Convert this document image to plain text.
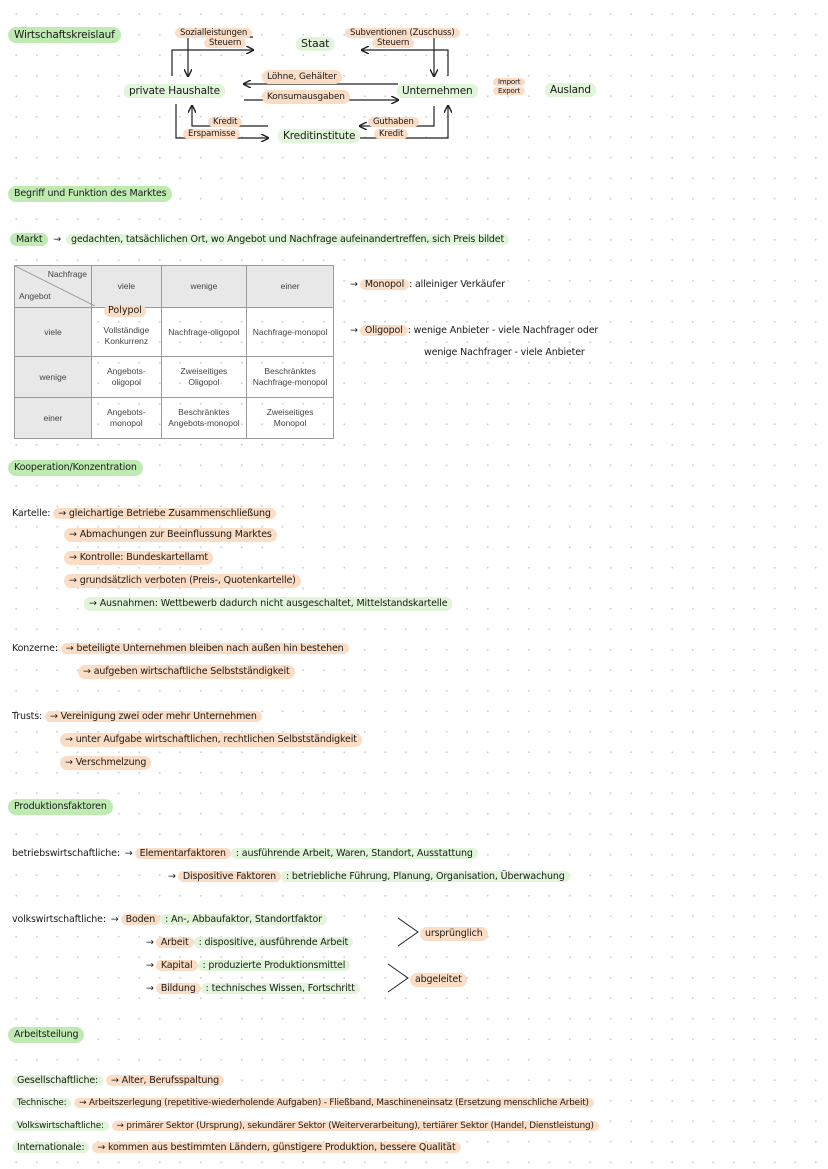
Wirtschaftskreislauf	Sozialleistungen
Steuern	Staat
Subventionen (Zuschuss)
Steuern
private Haushalte
Löhne, Gehälter
Konsumausgaben	Unternehmen
Import
Export	Ausland
Kredit
Ersparnisse	Kreditinstitute
Guthaben
Kredit
Begriff und Funktion des Marktes
Markt → gedachten, tatsächlichen Ort, wo Angebot und Nachfrage aufeinandertreffen, sich Preis bildet
Nachfrage
Angebot	viele	wenige	einer
viele	Vollständige Konkurrenz	Nachfrage-oligopol	Nachfrage-monopol
wenige	Angebots-oligopol	Zweiseitiges Oligopol	Beschränktes Nachfrage-monopol
einer	Angebots-monopol	Beschränktes Angebots-monopol	Zweiseitiges Monopol
Polypol
→ Monopol : alleiniger Verkäufer
→ Oligopol : wenige Anbieter - viele Nachfrager oder
wenige Nachfrager - viele Anbieter
Kooperation/Konzentration
Kartelle: → gleichartige Betriebe Zusammenschließung
→ Abmachungen zur Beeinflussung Marktes
→ Kontrolle: Bundeskartellamt
→ grundsätzlich verboten (Preis-, Quotenkartelle)
→ Ausnahmen: Wettbewerb dadurch nicht ausgeschaltet, Mittelstandskartelle
Konzerne: → beteiligte Unternehmen bleiben nach außen hin bestehen
→ aufgeben wirtschaftliche Selbstständigkeit
Trusts: → Vereinigung zwei oder mehr Unternehmen
→ unter Aufgabe wirtschaftlichen, rechtlichen Selbstständigkeit
→ Verschmelzung
Produktionsfaktoren
betriebswirtschaftliche: → Elementarfaktoren : ausführende Arbeit, Waren, Standort, Ausstattung
→ Dispositive Faktoren : betriebliche Führung, Planung, Organisation, Überwachung
volkswirtschaftliche: → Boden : An-, Abbaufaktor, Standortfaktor
→ Arbeit : dispositive, ausführende Arbeit
→ Kapital : produzierte Produktionsmittel
→ Bildung : technisches Wissen, Fortschritt
ursprünglich
abgeleitet
Arbeitsteilung
Gesellschaftliche: → Alter, Berufsspaltung
Technische: → Arbeitszerlegung (repetitive-wiederholende Aufgaben) - Fließband, Maschineneinsatz (Ersetzung menschliche Arbeit)
Volkswirtschaftliche: → primärer Sektor (Ursprung), sekundärer Sektor (Weiterverarbeitung), tertiärer Sektor (Handel, Dienstleistung)
Internationale: → kommen aus bestimmten Ländern, günstigere Produktion, bessere Qualität
